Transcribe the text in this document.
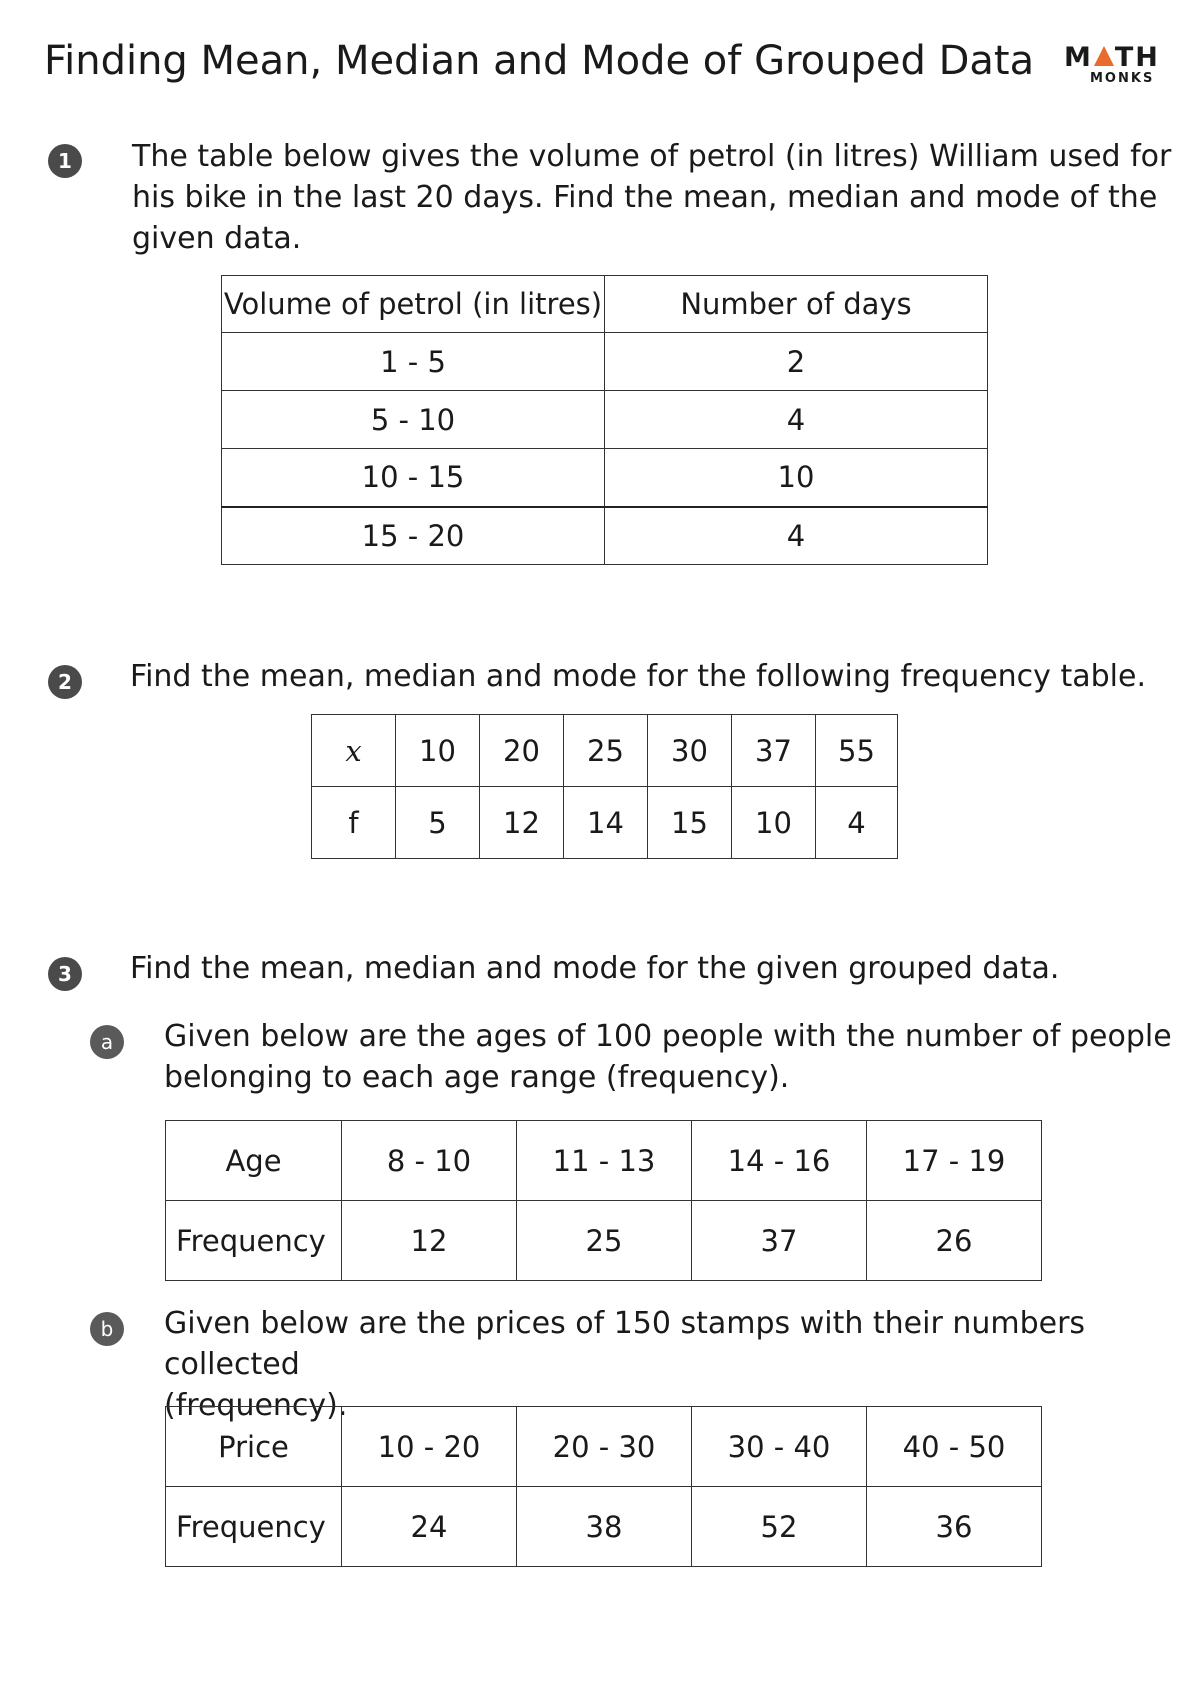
Finding Mean, Median and Mode of Grouped Data M TH
MONKS
1	The table below gives the volume of petrol (in litres) William used for
his bike in the last 20 days. Find the mean, median and mode of the
given data.
Volume of petrol (in litres)	Number of days
1 - 5	2
5 - 10	4
10 - 15	10
15 - 20	4
2	Find the mean, median and mode for the following frequency table.
x	10	20	25	30	37	55
f	5	12	14	15	10	4
3	Find the mean, median and mode for the given grouped data.
a	Given below are the ages of 100 people with the number of people
belonging to each age range (frequency).
Age	8 - 10	11 - 13	14 - 16	17 - 19
Frequency	12	25	37	26
b	Given below are the prices of 150 stamps with their numbers collected
(frequency).
Price	10 - 20	20 - 30	30 - 40	40 - 50
Frequency	24	38	52	36
